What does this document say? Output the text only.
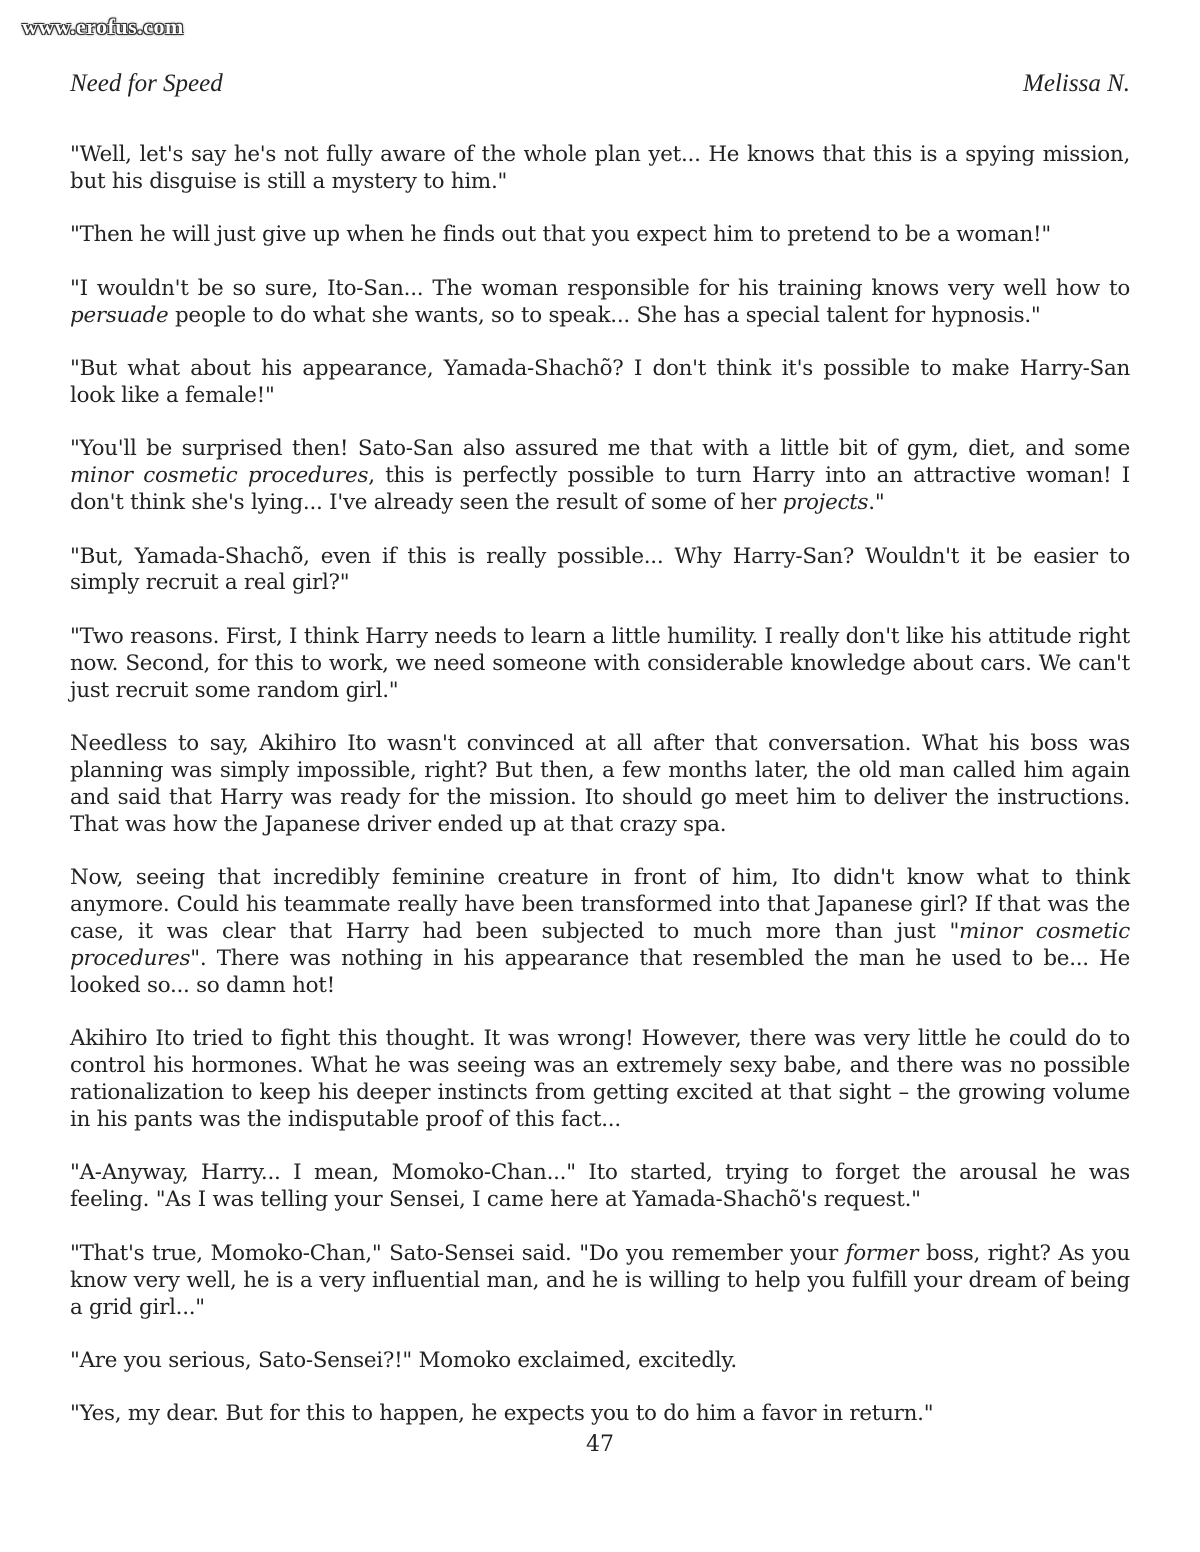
www.erofus.com
Need for Speed	Melissa N.

"Well, let's say he's not fully aware of the whole plan yet... He knows that this is a spying mission, but his disguise is still a mystery to him."

"Then he will just give up when he finds out that you expect him to pretend to be a woman!"

"I wouldn't be so sure, Ito-San... The woman responsible for his training knows very well how to persuade people to do what she wants, so to speak... She has a special talent for hypnosis."

"But what about his appearance, Yamada-Shachõ? I don't think it's possible to make Harry-San look like a female!"

"You'll be surprised then! Sato-San also assured me that with a little bit of gym, diet, and some minor cosmetic procedures, this is perfectly possible to turn Harry into an attractive woman! I don't think she's lying... I've already seen the result of some of her projects."

"But, Yamada-Shachõ, even if this is really possible... Why Harry-San? Wouldn't it be easier to simply recruit a real girl?"

"Two reasons. First, I think Harry needs to learn a little humility. I really don't like his attitude right now. Second, for this to work, we need someone with considerable knowledge about cars. We can't just recruit some random girl."

Needless to say, Akihiro Ito wasn't convinced at all after that conversation. What his boss was planning was simply impossible, right? But then, a few months later, the old man called him again and said that Harry was ready for the mission. Ito should go meet him to deliver the instructions. That was how the Japanese driver ended up at that crazy spa.

Now, seeing that incredibly feminine creature in front of him, Ito didn't know what to think anymore. Could his teammate really have been transformed into that Japanese girl? If that was the case, it was clear that Harry had been subjected to much more than just "minor cosmetic procedures". There was nothing in his appearance that resembled the man he used to be... He looked so... so damn hot!

Akihiro Ito tried to fight this thought. It was wrong! However, there was very little he could do to control his hormones. What he was seeing was an extremely sexy babe, and there was no possible rationalization to keep his deeper instincts from getting excited at that sight – the growing volume in his pants was the indisputable proof of this fact...

"A-Anyway, Harry... I mean, Momoko-Chan..." Ito started, trying to forget the arousal he was feeling. "As I was telling your Sensei, I came here at Yamada-Shachõ's request."

"That's true, Momoko-Chan," Sato-Sensei said. "Do you remember your former boss, right? As you know very well, he is a very influential man, and he is willing to help you fulfill your dream of being a grid girl..."

"Are you serious, Sato-Sensei?!" Momoko exclaimed, excitedly.

"Yes, my dear. But for this to happen, he expects you to do him a favor in return."

47
